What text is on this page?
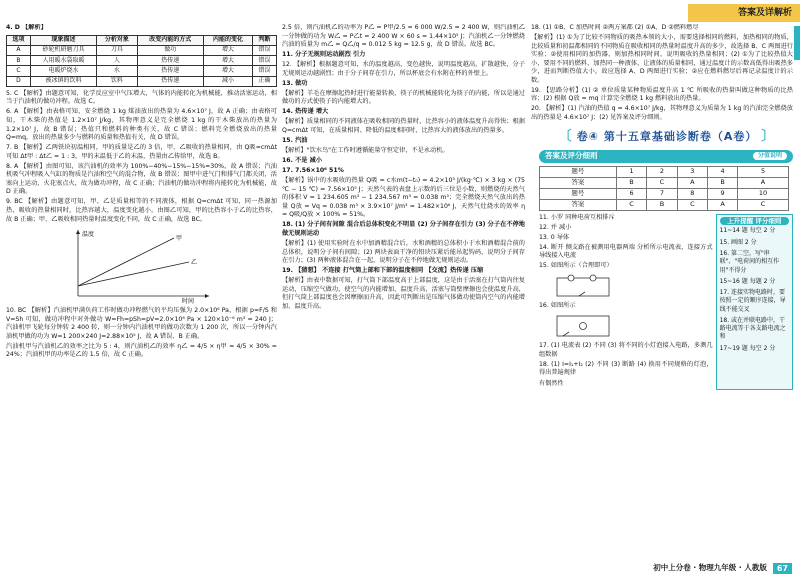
答案及详解析
4. D 【解析】
选项	现象描述	分析对象	改变内能的方式	内能的变化	判断
A	砂轮机研磨刀具	刀具	做功	增大	错误
B	人用暖水袋取暖	人	热传递	增大	错误
C	电暖炉烧水	水	热传递	增大	错误
D	被冰镇的饮料	饮料	热传递	减小	正确
5. C 【解析】由题意可知，化学反应室中气压增大，气体的内能转化为机械能，推动活塞运动，相当于汽油机的做功冲程。故选 C。
6. A 【解析】由表格可知，安全燃烧 1 kg 煤油放出的热量为 4.6×10⁷ J，故 A 正确；由表格可知，干木柴的热值是 1.2×10⁷ J/kg，其物理意义是完全燃烧 1 kg 的干木柴放出的热量为 1.2×10⁷ J，故 B 错误；热值只和燃料的种类有关，故 C 错误；燃料完全燃烧放出的热量 Q=mq，放出的热量多少与燃料的质量和热值有关，故 D 错误。
7. B 【解析】乙两铁块初温相同，甲的质量是乙的 3 倍，甲、乙吸收的热量相同，由 Q吸=cmΔt 可知 Δt甲 : Δt乙 = 1 : 3，甲的末温低于乙的末温，热量由乙传给甲，故选 B。
8. A 【解析】由图可知，该汽油机的效率为 100%−40%−15%−15%=30%，故 A 错误；汽油机吸气冲程吸入气缸的物质是汽油和空气的混合物，故 B 错误；图甲中进气门和排气门都关闭，活塞向上运动，火花塞点火，故为做功冲程，故 C 正确；汽油机的做功冲程将内能转化为机械能，故 D 正确。
9. BC 【解析】由题意可知，甲、乙是质量相等的不同液体，根据 Q=cmΔt 可知，同一热源加热，吸收的热量相同时，比热容越大，温度变化越小，由图乙可知，甲的比热容小于乙的比热容，故 B 正确；甲、乙吸收相同热量时温度变化不同，故 C 正确，故选 BC。
温度
时间
甲
乙
10. BC 【解析】汽油机甲满负荷工作时做功冲程燃气的平均压强为 2.0×10⁶ Pa，根据 p=F/S 和 V=Sh 可知，做功冲程中对外做功 W=Fh=pSh=pV=2.0×10⁶ Pa × 120×10⁻⁶ m³ = 240 J；汽油机甲飞轮每分钟转 2 400 转，则一分钟内汽油机甲的做功次数为 1 200 次，所以一分钟内汽油机甲做的功为 W=1 200×240 J=2.88×10⁵ J，故 A 错误、B 正确。
汽油机甲与汽油机乙的效率之比为 5 : 4，则汽油机乙的效率 η乙 = 4/5 × η甲 = 4/5 × 30% = 24%；汽油机甲的功率是乙的 1.5 倍，故 C 正确。
2.5 倍，则汽油机乙的功率为 P乙 = P甲/2.5 = 6 000 W/2.5 = 2 400 W，则汽油机乙一分钟做的功为 W乙 = P乙t = 2 400 W × 60 s = 1.44×10⁵ J；汽油机乙一分钟燃烧汽油的质量为 m乙 = Q乙/q = 0.012 5 kg = 12.5 g，故 D 错误。故选 BC。
11. 分子无规则运动剧烈 引力
12. 【解析】根据题意可知，水的温度越高，变色越快，说明温度越高，扩散越快，分子无规则运动越剧烈；由于分子间存在引力，所以杯底会有水附在杯的外壁上。
13. 做功
【解析】羊毛在摩擦起热时进行能量转换，筷子的机械能转化为筷子的内能，所以是通过做功的方式使筷子的内能增大的。
14. 热传递 增大
【解析】质量相同的不同液体在吸收相同的热量时，比热容小的液体温度升高得快；根据 Q=cmΔt 可知，在质量相同、降低的温度相同时，比热容大的液体放出的热量多。
15. 汽油
【解析】"饮水鸟"在工作时遵循能量守恒定律，不是永动机。
16. 不是 减小
17. 7.56×10⁶ 51%
【解析】锅中的水吸收的热量 Q吸 = c水m(t−t₀) = 4.2×10³ J/(kg·℃) × 3 kg × (75 ℃ − 15 ℃) = 7.56×10⁵ J；天然气表的表盘上示数的后三位是小数，则燃烧的天然气的体积 V = 1 234.605 m³ − 1 234.567 m³ = 0.038 m³；完全燃烧天然气放出的热量 Q放 = Vq = 0.038 m³ × 3.9×10⁷ J/m³ = 1.482×10⁶ J，天然气灶烧水的效率 η = Q吸/Q放 × 100% ≈ 51%。
18. (1) 分子间有间隙 混合后总体积变化不明显 (2) 分子间存在引力 (3) 分子在不停地做无规则运动
【解析】(1) 使用实验时在水中加酒精混合后，水和酒精的总体积小于水和酒精混合前的总体积，说明分子间有间隙；(2) 两块表面干净的铅块压紧后能吊起钩码，说明分子间存在引力；(3) 两种液体混合在一起，说明分子在不停地做无规则运动。
19. 【猜想】 不连接 打气筒上部和下部的温度相同 【交流】热传递 压缩
【解析】由表中数据可知，打气筒下部温度高于上部温度，这是由于活塞在打气筒内往复运动，压缩空气做功，使空气的内能增加，温度升高，活塞与筒壁摩擦也会使温度升高，但打气筒上部温度也会因摩擦而升高，因此可判断出是压缩气体做功使筒内空气的内能增加、温度升高。
18. (1) ①B、C 加热时间 ②两方案都 (2) ①A、D ②燃料燃尽
【解析】(1) ①为了比较不同物质的吸热本领的大小，需要选择相同的燃料，加热相同的物质，比较质量和初温都相同的不同物质在吸收相同的热量时温度升高的多少，故选择 B、C 两图进行实验；②使用相同的加热器，则加热相同时间，说明吸收的热量相同；(2) ①为了比较热值大小，要用不同的燃料，加热同一种液体，让液体的质量相同，通过温度计的示数高低得出吸热多少，进而判断热值大小，故应选择 A、D 两图进行实验；②应在燃料燃尽后再记录温度计的示数。
19. 【思路分析】(1) ② 单位质量某种物质温度升高 1 ℃ 所吸收的热量叫做这种物质的比热容；(2) 根据 Q放 = mq 计算完全燃烧 1 kg 燃料放出的热量。
20. 【解析】(1) 汽油的热值 q = 4.6×10⁷ J/kg，其物理意义为质量为 1 kg 的汽油完全燃烧放出的热量是 4.6×10⁷ J；(2) 见答案及评分细则。
〔 卷④ 第十五章基础诊断卷（A卷） 〕
答案及评分细则	分值说明
题号	1	2	3	4	5
答案	B	C	A	B	A
题号	6	7	8	9	10
答案	C	B	C	A	C
11. 小罗 同种电荷互相排斥
12. 并 减小
13. 0 导体
14. 断开 侧支路在被测用电器两端 分析所示电流表，连接方式导线接入电流
15. 如图所示（合理即可）
16. 如图所示
17. (1) 电流表 (2) 不同 (3) 将不同的小灯泡接入电路，多测几组数据
18. (1) I=I₁+I₂ (2) 不同 (3) 断路 (4) 换用不同规格的灯泡，得出普遍规律
有偶然性
上升提醒 评分细则
11~14 题 每空 2 分
15. 画图 2 分
16. 第二空，写"串联"、"电荷间的相互作用"不得分
15~16 题 每题 2 分
17. 连接实物电路时，要按照一定的顺序连接，导线不能交叉
18. 或在并联电路中，干路电流等于各支路电流之和
17~19 题 每空 2 分
初中上分卷 · 物理九年级 · 人教版	67
